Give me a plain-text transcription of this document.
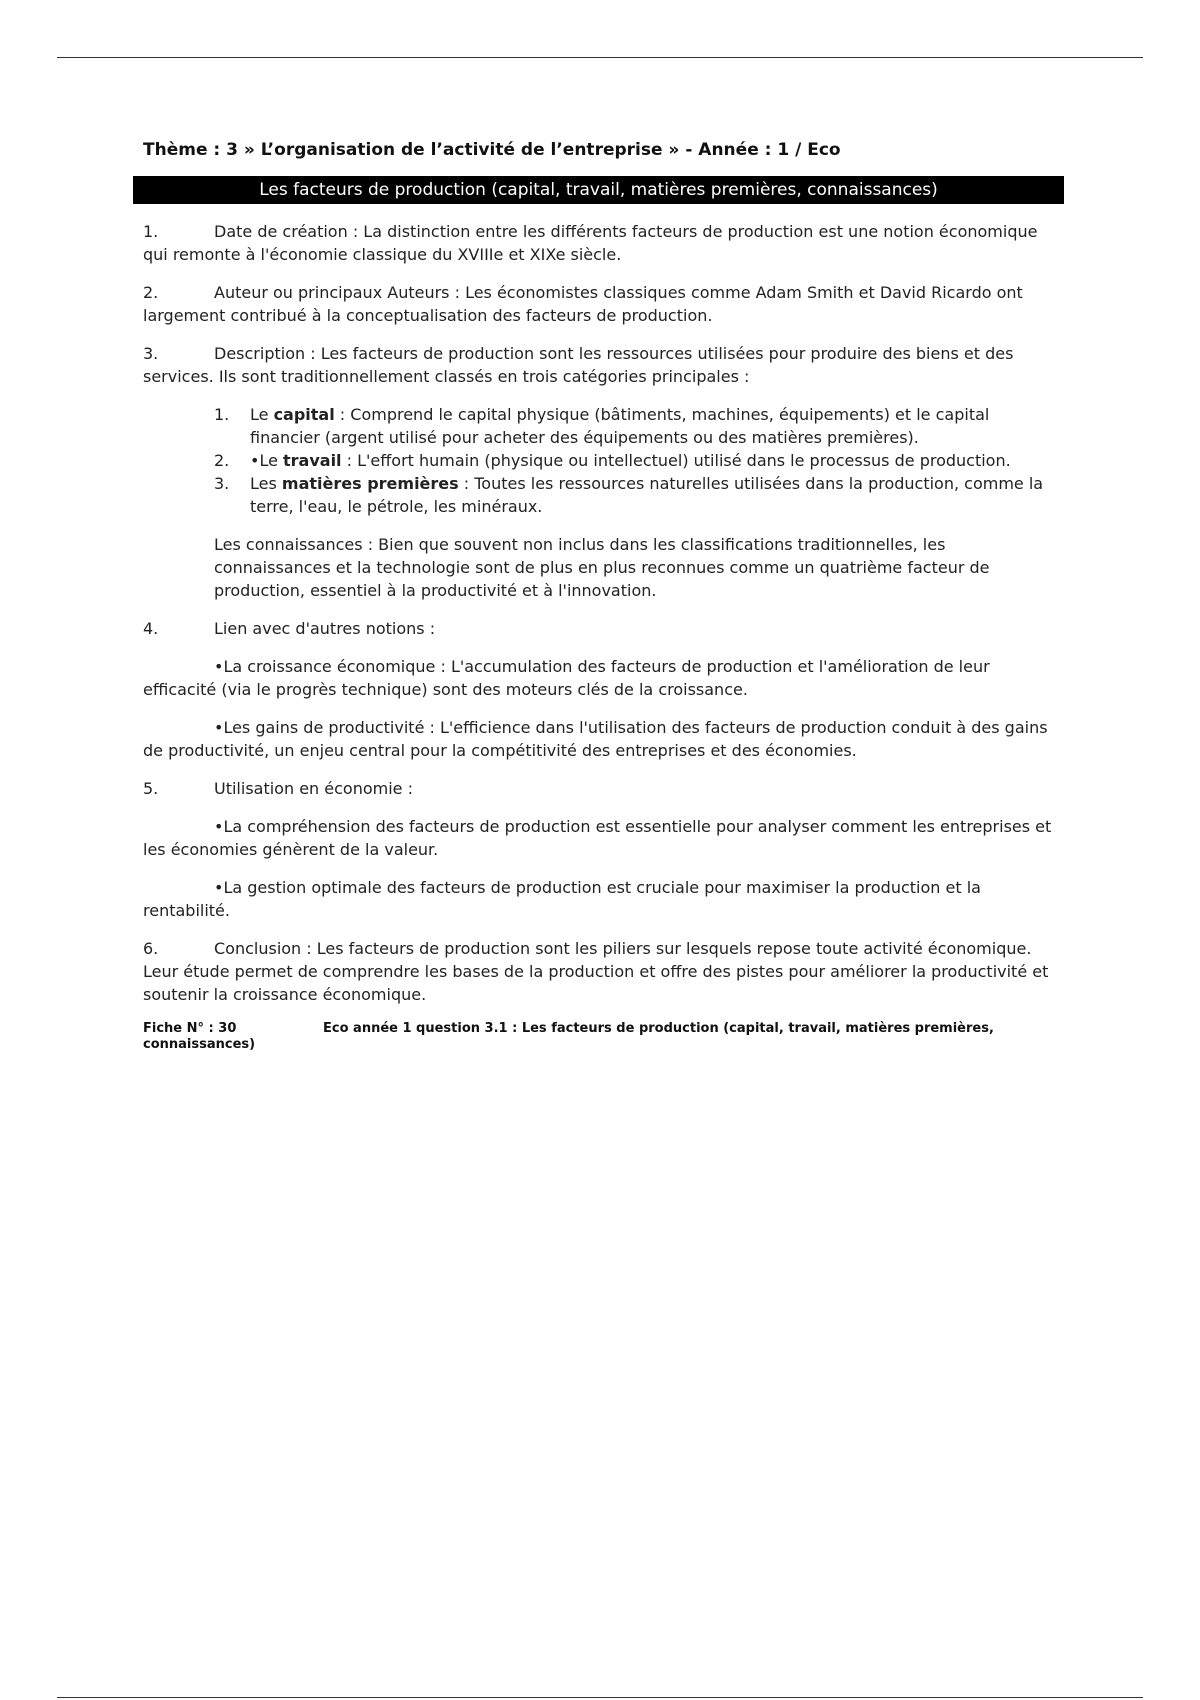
Thème : 3 » L’organisation de l’activité de l’entreprise » - Année : 1 / Eco
Les facteurs de production (capital, travail, matières premières, connaissances)

1.	Date de création : La distinction entre les différents facteurs de production est une notion économique qui remonte à l'économie classique du XVIIIe et XIXe siècle.

2.	Auteur ou principaux Auteurs : Les économistes classiques comme Adam Smith et David Ricardo ont largement contribué à la conceptualisation des facteurs de production.

3.	Description : Les facteurs de production sont les ressources utilisées pour produire des biens et des services. Ils sont traditionnellement classés en trois catégories principales :

1. Le capital : Comprend le capital physique (bâtiments, machines, équipements) et le capital financier (argent utilisé pour acheter des équipements ou des matières premières).
2. •Le travail : L'effort humain (physique ou intellectuel) utilisé dans le processus de production.
3. Les matières premières : Toutes les ressources naturelles utilisées dans la production, comme la terre, l'eau, le pétrole, les minéraux.

Les connaissances : Bien que souvent non inclus dans les classifications traditionnelles, les connaissances et la technologie sont de plus en plus reconnues comme un quatrième facteur de production, essentiel à la productivité et à l'innovation.

4.	Lien avec d'autres notions :

•La croissance économique : L'accumulation des facteurs de production et l'amélioration de leur efficacité (via le progrès technique) sont des moteurs clés de la croissance.

•Les gains de productivité : L'efficience dans l'utilisation des facteurs de production conduit à des gains de productivité, un enjeu central pour la compétitivité des entreprises et des économies.

5.	Utilisation en économie :

•La compréhension des facteurs de production est essentielle pour analyser comment les entreprises et les économies génèrent de la valeur.

•La gestion optimale des facteurs de production est cruciale pour maximiser la production et la rentabilité.

6.	Conclusion : Les facteurs de production sont les piliers sur lesquels repose toute activité économique. Leur étude permet de comprendre les bases de la production et offre des pistes pour améliorer la productivité et soutenir la croissance économique.

Fiche N° : 30	Eco année 1 question 3.1 : Les facteurs de production (capital, travail, matières premières, connaissances)
